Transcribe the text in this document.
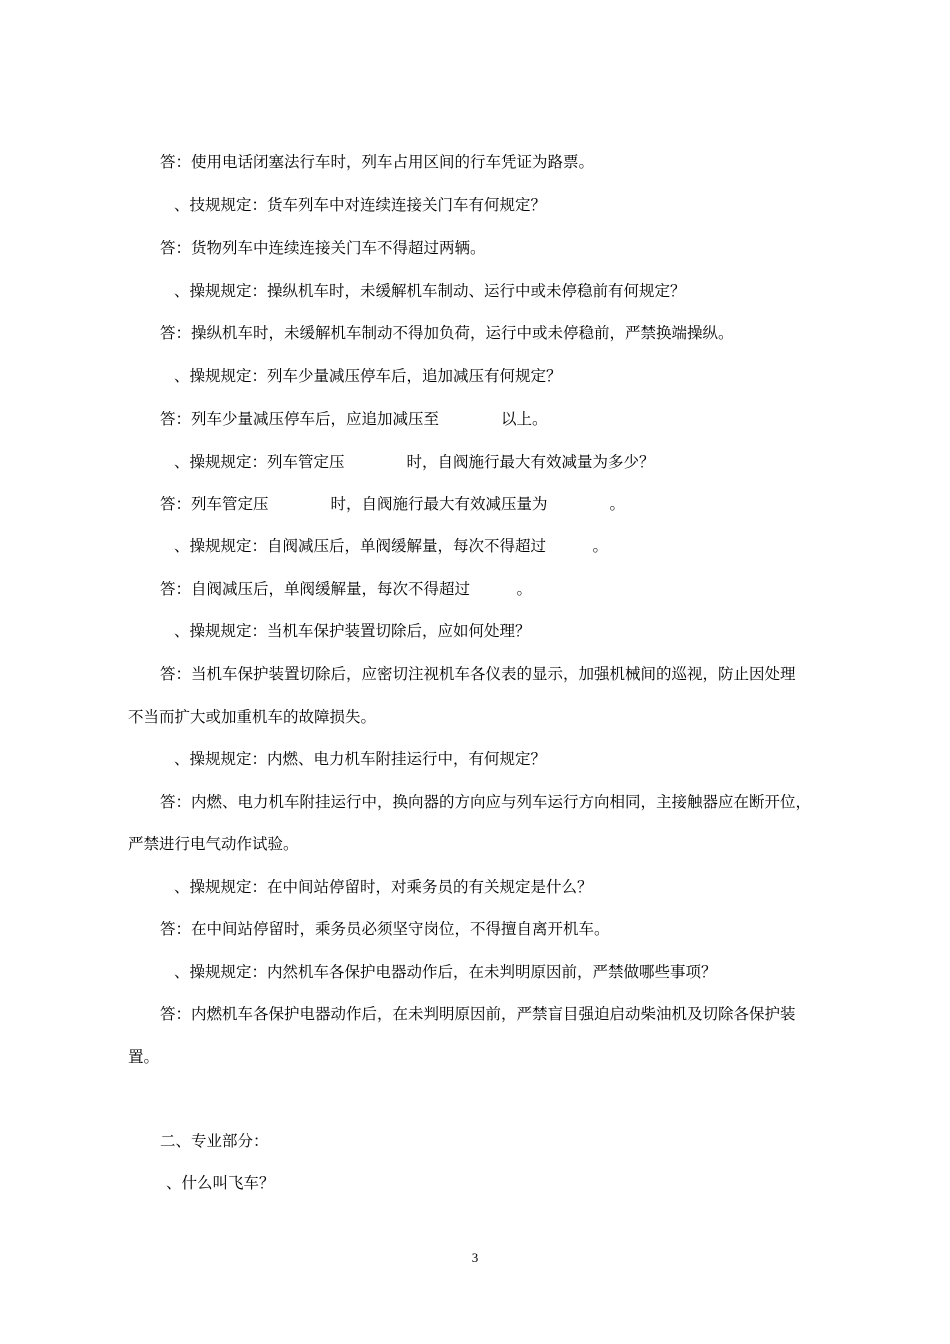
答：使用电话闭塞法行车时，列车占用区间的行车凭证为路票。
、技规规定：货车列车中对连续连接关门车有何规定？
答：货物列车中连续连接关门车不得超过两辆。
、操规规定：操纵机车时，未缓解机车制动、运行中或未停稳前有何规定？
答：操纵机车时，未缓解机车制动不得加负荷，运行中或未停稳前，严禁换端操纵。
、操规规定：列车少量减压停车后，追加减压有何规定？
答：列车少量减压停车后，应追加减压至　　　　以上。
、操规规定：列车管定压　　　　时，自阀施行最大有效减量为多少？
答：列车管定压　　　　时，自阀施行最大有效减压量为　　　　。
、操规规定：自阀减压后，单阀缓解量，每次不得超过　　　。
答：自阀减压后，单阀缓解量，每次不得超过　　　。
、操规规定：当机车保护装置切除后，应如何处理？
答：当机车保护装置切除后，应密切注视机车各仪表的显示，加强机械间的巡视，防止因处理
不当而扩大或加重机车的故障损失。
、操规规定：内燃、电力机车附挂运行中，有何规定？
答：内燃、电力机车附挂运行中，换向器的方向应与列车运行方向相同，主接触器应在断开位，
严禁进行电气动作试验。
、操规规定：在中间站停留时，对乘务员的有关规定是什么？
答：在中间站停留时，乘务员必须坚守岗位，不得擅自离开机车。
、操规规定：内然机车各保护电器动作后，在未判明原因前，严禁做哪些事项？
答：内燃机车各保护电器动作后，在未判明原因前，严禁盲目强迫启动柴油机及切除各保护装
置。
二、专业部分：
、什么叫飞车？
3
